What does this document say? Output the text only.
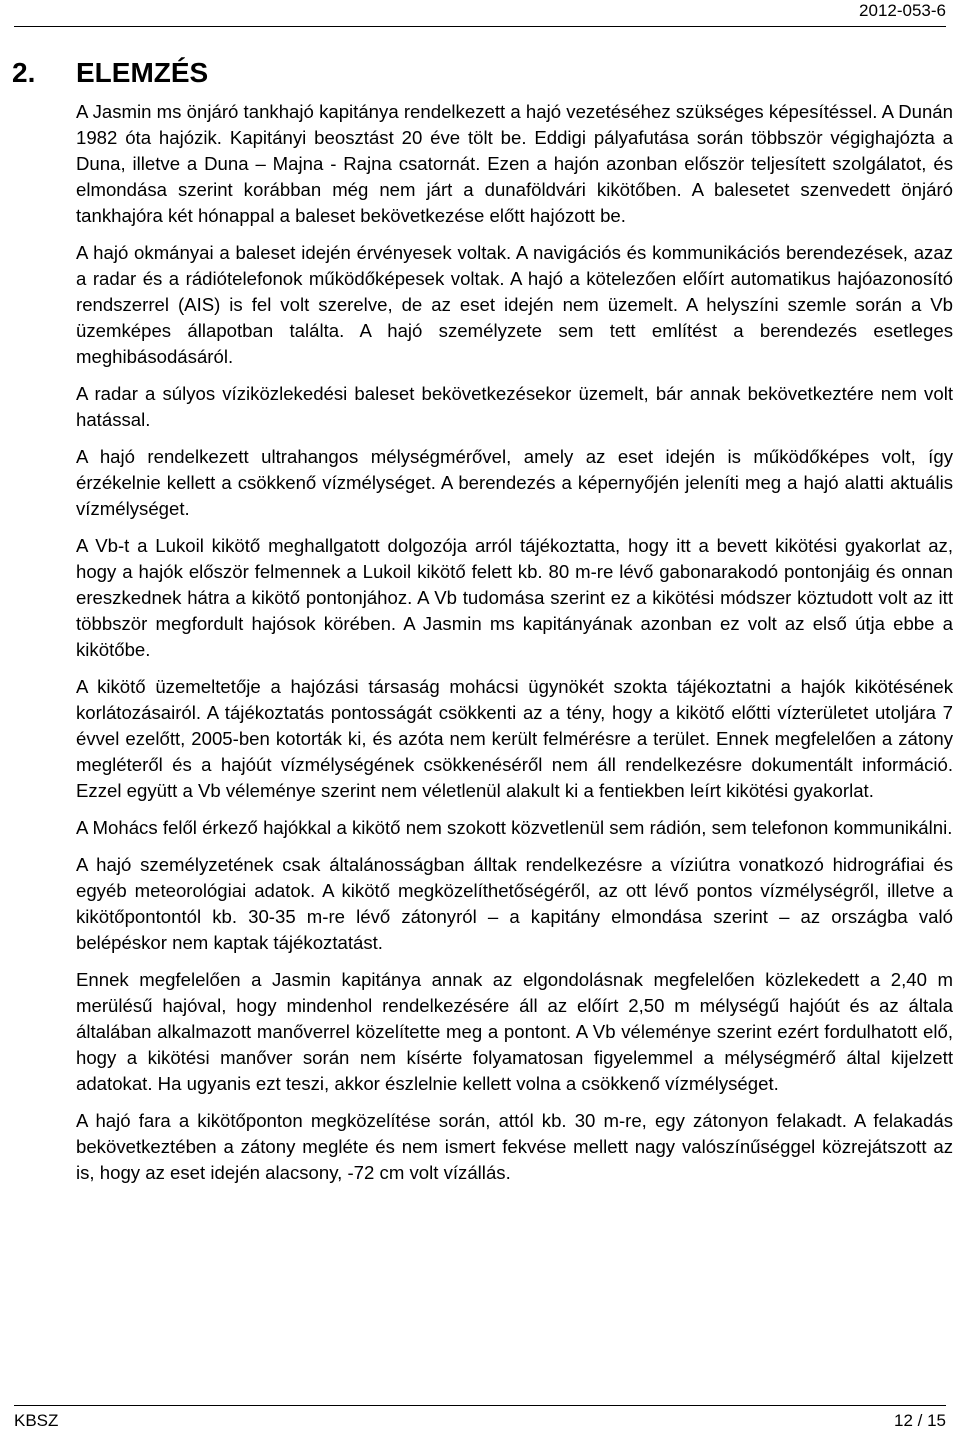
2012-053-6
2. ELEMZÉS

A Jasmin ms önjáró tankhajó kapitánya rendelkezett a hajó vezetéséhez szükséges képesítéssel. A Dunán 1982 óta hajózik. Kapitányi beosztást 20 éve tölt be. Eddigi pályafutása során többször végighajózta a Duna, illetve a Duna – Majna - Rajna csatornát. Ezen a hajón azonban először teljesített szolgálatot, és elmondása szerint korábban még nem járt a dunaföldvári kikötőben. A balesetet szenvedett önjáró tankhajóra két hónappal a baleset bekövetkezése előtt hajózott be.

A hajó okmányai a baleset idején érvényesek voltak. A navigációs és kommunikációs berendezések, azaz a radar és a rádiótelefonok működőképesek voltak. A hajó a kötelezően előírt automatikus hajóazonosító rendszerrel (AIS) is fel volt szerelve, de az eset idején nem üzemelt. A helyszíni szemle során a Vb üzemképes állapotban találta. A hajó személyzete sem tett említést a berendezés esetleges meghibásodásáról.

A radar a súlyos víziközlekedési baleset bekövetkezésekor üzemelt, bár annak bekövetkeztére nem volt hatással.

A hajó rendelkezett ultrahangos mélységmérővel, amely az eset idején is működőképes volt, így érzékelnie kellett a csökkenő vízmélységet. A berendezés a képernyőjén jeleníti meg a hajó alatti aktuális vízmélységet.

A Vb-t a Lukoil kikötő meghallgatott dolgozója arról tájékoztatta, hogy itt a bevett kikötési gyakorlat az, hogy a hajók először felmennek a Lukoil kikötő felett kb. 80 m-re lévő gabonarakodó pontonjáig és onnan ereszkednek hátra a kikötő pontonjához. A Vb tudomása szerint ez a kikötési módszer köztudott volt az itt többször megfordult hajósok körében. A Jasmin ms kapitányának azonban ez volt az első útja ebbe a kikötőbe.

A kikötő üzemeltetője a hajózási társaság mohácsi ügynökét szokta tájékoztatni a hajók kikötésének korlátozásairól. A tájékoztatás pontosságát csökkenti az a tény, hogy a kikötő előtti vízterületet utoljára 7 évvel ezelőtt, 2005-ben kotorták ki, és azóta nem került felmérésre a terület. Ennek megfelelően a zátony megléteről és a hajóút vízmélységének csökkenéséről nem áll rendelkezésre dokumentált információ. Ezzel együtt a Vb véleménye szerint nem véletlenül alakult ki a fentiekben leírt kikötési gyakorlat.

A Mohács felől érkező hajókkal a kikötő nem szokott közvetlenül sem rádión, sem telefonon kommunikálni.

A hajó személyzetének csak általánosságban álltak rendelkezésre a víziútra vonatkozó hidrográfiai és egyéb meteorológiai adatok. A kikötő megközelíthetőségéről, az ott lévő pontos vízmélységről, illetve a kikötőpontontól kb. 30-35 m-re lévő zátonyról – a kapitány elmondása szerint – az országba való belépéskor nem kaptak tájékoztatást.

Ennek megfelelően a Jasmin kapitánya annak az elgondolásnak megfelelően közlekedett a 2,40 m merülésű hajóval, hogy mindenhol rendelkezésére áll az előírt 2,50 m mélységű hajóút és az általa általában alkalmazott manőverrel közelítette meg a pontont. A Vb véleménye szerint ezért fordulhatott elő, hogy a kikötési manőver során nem kísérte folyamatosan figyelemmel a mélységmérő által kijelzett adatokat. Ha ugyanis ezt teszi, akkor észlelnie kellett volna a csökkenő vízmélységet.

A hajó fara a kikötőponton megközelítése során, attól kb. 30 m-re, egy zátonyon felakadt. A felakadás bekövetkeztében a zátony megléte és nem ismert fekvése mellett nagy valószínűséggel közrejátszott az is, hogy az eset idején alacsony, -72 cm volt vízállás.

KBSZ	12 / 15
